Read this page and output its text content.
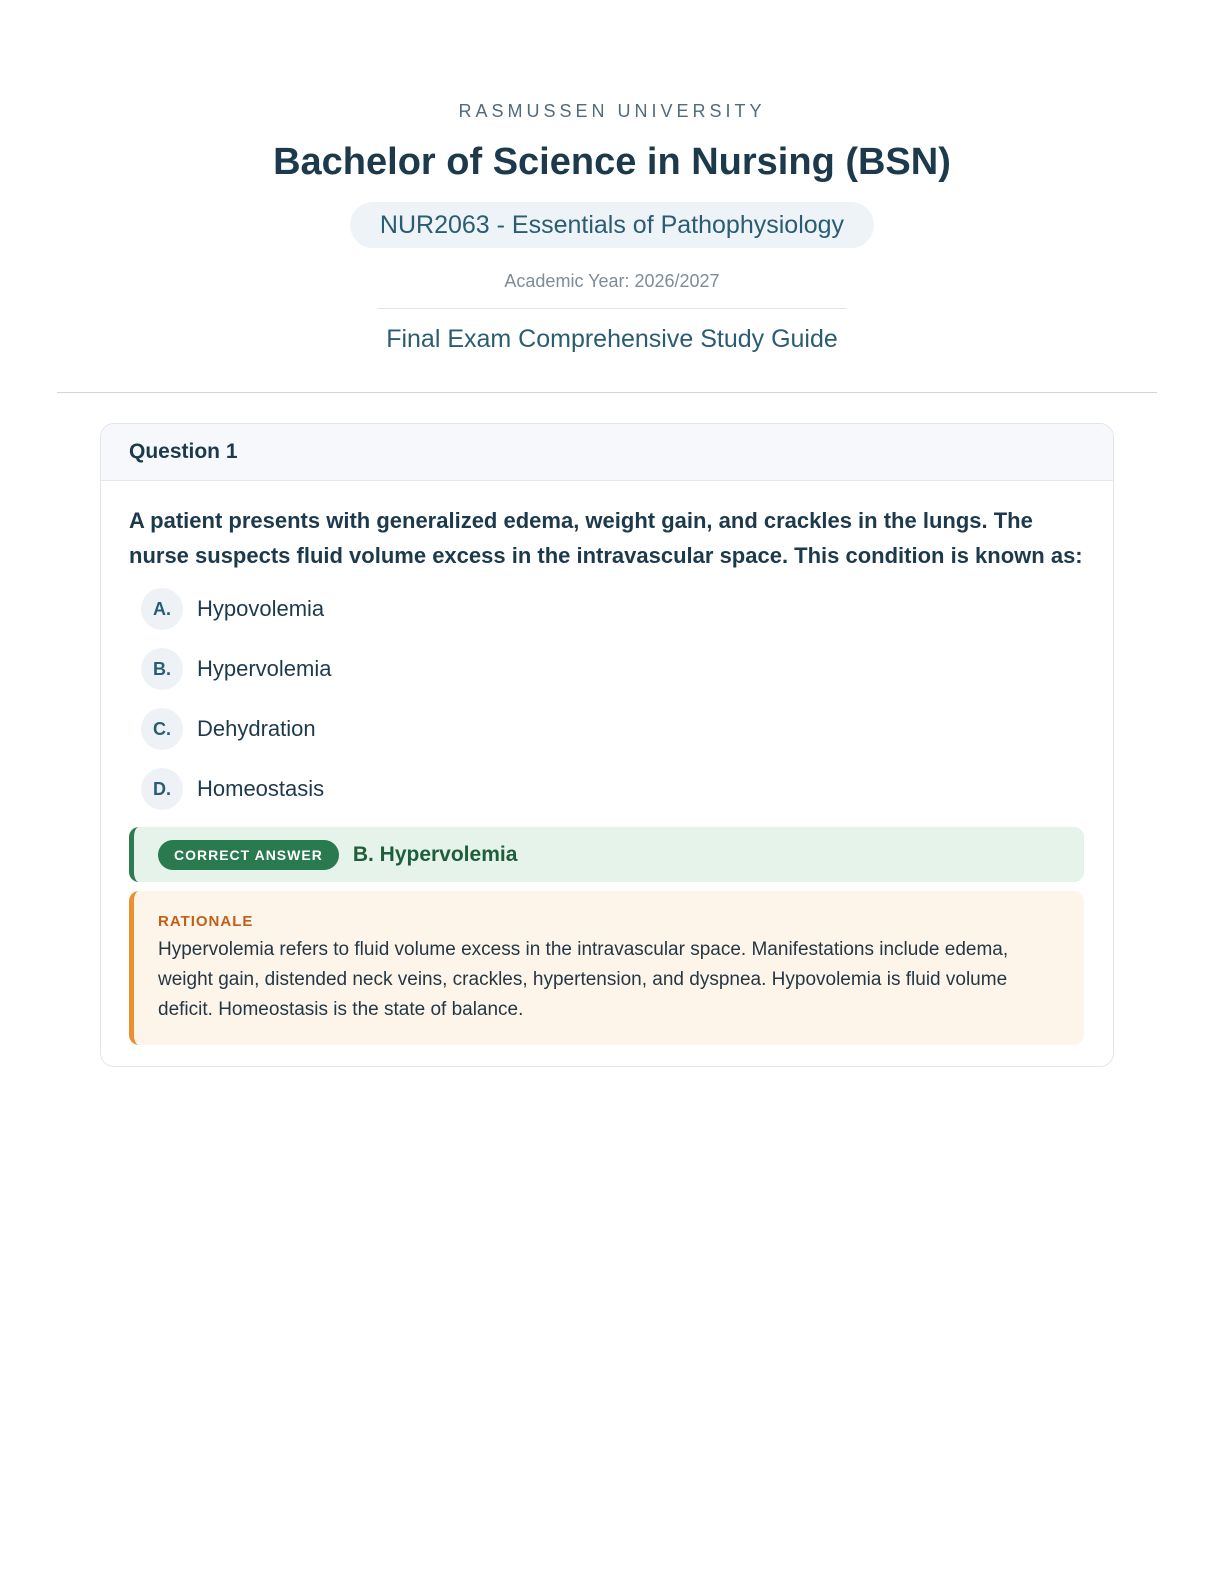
RASMUSSEN UNIVERSITY
Bachelor of Science in Nursing (BSN)
NUR2063 - Essentials of Pathophysiology
Academic Year: 2026/2027
Final Exam Comprehensive Study Guide
Question 1
A patient presents with generalized edema, weight gain, and crackles in the lungs. The nurse suspects fluid volume excess in the intravascular space. This condition is known as:
A.	Hypovolemia
B.	Hypervolemia
C.	Dehydration
D.	Homeostasis
CORRECT ANSWER	B. Hypervolemia
RATIONALE
Hypervolemia refers to fluid volume excess in the intravascular space. Manifestations include edema, weight gain, distended neck veins, crackles, hypertension, and dyspnea. Hypovolemia is fluid volume deficit. Homeostasis is the state of balance.
